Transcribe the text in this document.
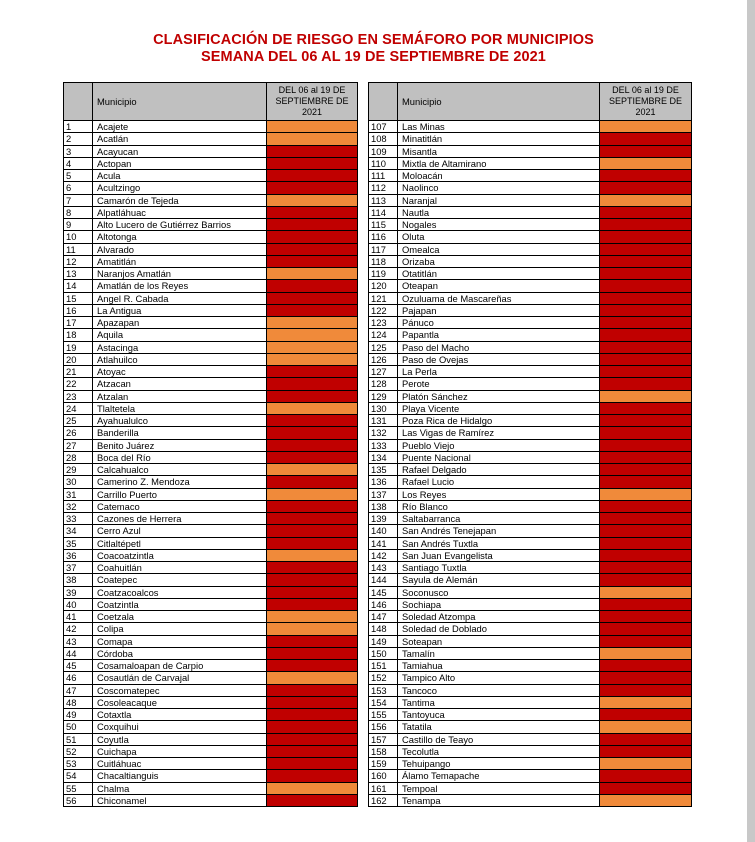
CLASIFICACIÓN DE RIESGO EN SEMÁFORO POR MUNICIPIOS
SEMANA DEL 06 AL 19 DE SEPTIEMBRE DE 2021
	Municipio	DEL 06 al 19 DE
SEPTIEMBRE DE
2021

1	Acajete	
2	Acatlán	
3	Acayucan	
4	Actopan	
5	Acula	
6	Acultzingo	
7	Camarón de Tejeda	
8	Alpatláhuac	
9	Alto Lucero de Gutiérrez Barrios	
10	Altotonga	
11	Alvarado	
12	Amatitlán	
13	Naranjos Amatlán	
14	Amatlán de los Reyes	
15	Angel R. Cabada	
16	La Antigua	
17	Apazapan	
18	Aquila	
19	Astacinga	
20	Atlahuilco	
21	Atoyac	
22	Atzacan	
23	Atzalan	
24	Tlaltetela	
25	Ayahualulco	
26	Banderilla	
27	Benito Juárez	
28	Boca del Río	
29	Calcahualco	
30	Camerino Z. Mendoza	
31	Carrillo Puerto	
32	Catemaco	
33	Cazones de Herrera	
34	Cerro Azul	
35	Citlaltépetl	
36	Coacoatzintla	
37	Coahuitlán	
38	Coatepec	
39	Coatzacoalcos	
40	Coatzintla	
41	Coetzala	
42	Colipa	
43	Comapa	
44	Córdoba	
45	Cosamaloapan de Carpio	
46	Cosautlán de Carvajal	
47	Coscomatepec	
48	Cosoleacaque	
49	Cotaxtla	
50	Coxquihui	
51	Coyutla	
52	Cuichapa	
53	Cuitláhuac	
54	Chacaltianguis	
55	Chalma	
56	Chiconamel	
	Municipio	DEL 06 al 19 DE
SEPTIEMBRE DE
2021

107	Las Minas	
108	Minatitlán	
109	Misantla	
110	Mixtla de Altamirano	
111	Moloacán	
112	Naolinco	
113	Naranjal	
114	Nautla	
115	Nogales	
116	Oluta	
117	Omealca	
118	Orizaba	
119	Otatitlán	
120	Oteapan	
121	Ozuluama de Mascareñas	
122	Pajapan	
123	Pánuco	
124	Papantla	
125	Paso del Macho	
126	Paso de Ovejas	
127	La Perla	
128	Perote	
129	Platón Sánchez	
130	Playa Vicente	
131	Poza Rica de Hidalgo	
132	Las Vigas de Ramírez	
133	Pueblo Viejo	
134	Puente Nacional	
135	Rafael Delgado	
136	Rafael Lucio	
137	Los Reyes	
138	Río Blanco	
139	Saltabarranca	
140	San Andrés Tenejapan	
141	San Andrés Tuxtla	
142	San Juan Evangelista	
143	Santiago Tuxtla	
144	Sayula de Alemán	
145	Soconusco	
146	Sochiapa	
147	Soledad Atzompa	
148	Soledad de Doblado	
149	Soteapan	
150	Tamalín	
151	Tamiahua	
152	Tampico Alto	
153	Tancoco	
154	Tantima	
155	Tantoyuca	
156	Tatatila	
157	Castillo de Teayo	
158	Tecolutla	
159	Tehuipango	
160	Álamo Temapache	
161	Tempoal	
162	Tenampa	
